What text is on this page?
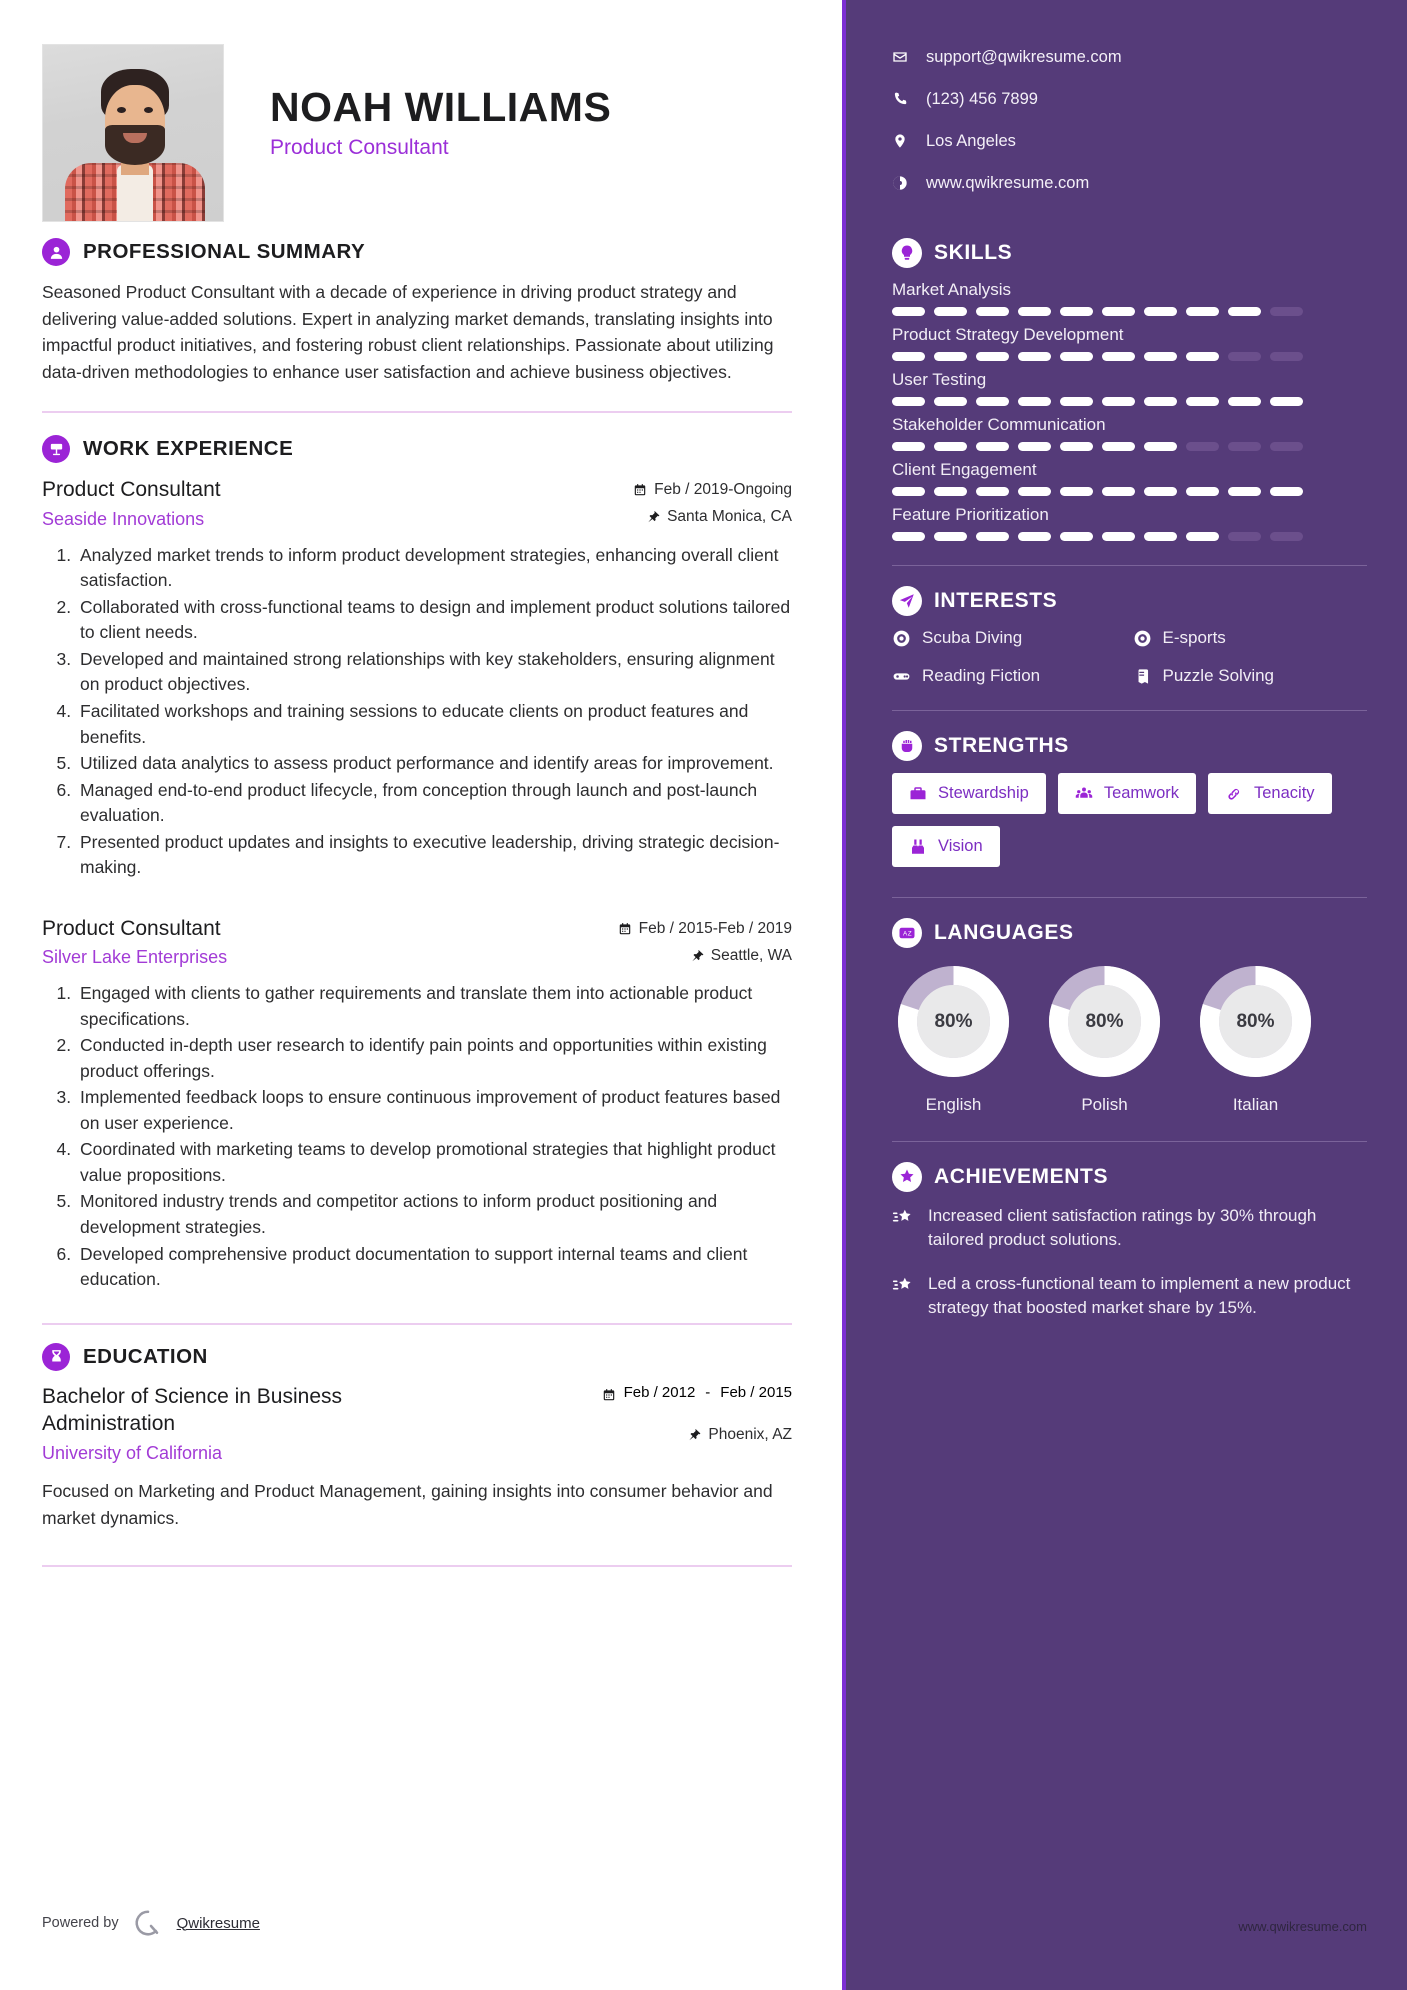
NOAH WILLIAMS
Product Consultant
PROFESSIONAL SUMMARY
Seasoned Product Consultant with a decade of experience in driving product strategy and delivering value-added solutions. Expert in analyzing market demands, translating insights into impactful product initiatives, and fostering robust client relationships. Passionate about utilizing data-driven methodologies to enhance user satisfaction and achieve business objectives.
WORK EXPERIENCE
Product Consultant
Seaside Innovations
Feb / 2019-Ongoing
Santa Monica, CA
1. Analyzed market trends to inform product development strategies, enhancing overall client satisfaction.
2. Collaborated with cross-functional teams to design and implement product solutions tailored to client needs.
3. Developed and maintained strong relationships with key stakeholders, ensuring alignment on product objectives.
4. Facilitated workshops and training sessions to educate clients on product features and benefits.
5. Utilized data analytics to assess product performance and identify areas for improvement.
6. Managed end-to-end product lifecycle, from conception through launch and post-launch evaluation.
7. Presented product updates and insights to executive leadership, driving strategic decision-making.
Product Consultant
Silver Lake Enterprises
Feb / 2015-Feb / 2019
Seattle, WA
1. Engaged with clients to gather requirements and translate them into actionable product specifications.
2. Conducted in-depth user research to identify pain points and opportunities within existing product offerings.
3. Implemented feedback loops to ensure continuous improvement of product features based on user experience.
4. Coordinated with marketing teams to develop promotional strategies that highlight product value propositions.
5. Monitored industry trends and competitor actions to inform product positioning and development strategies.
6. Developed comprehensive product documentation to support internal teams and client education.
EDUCATION
Bachelor of Science in Business Administration
University of California
Feb / 2012 - Feb / 2015
Phoenix, AZ
Focused on Marketing and Product Management, gaining insights into consumer behavior and market dynamics.
Powered by	Qwikresume
support@qwikresume.com
(123) 456 7899
Los Angeles
www.qwikresume.com
SKILLS
Market Analysis
Product Strategy Development
User Testing
Stakeholder Communication
Client Engagement
Feature Prioritization
INTERESTS
Scuba Diving	E-sports
Reading Fiction	Puzzle Solving
STRENGTHS
Stewardship	Teamwork	Tenacity
Vision
A Z LANGUAGES
80%
English
80%
Polish
80%
Italian
ACHIEVEMENTS

Increased client satisfaction ratings by 30% through tailored product solutions.

Led a cross-functional team to implement a new product strategy that boosted market share by 15%.

www.qwikresume.com
